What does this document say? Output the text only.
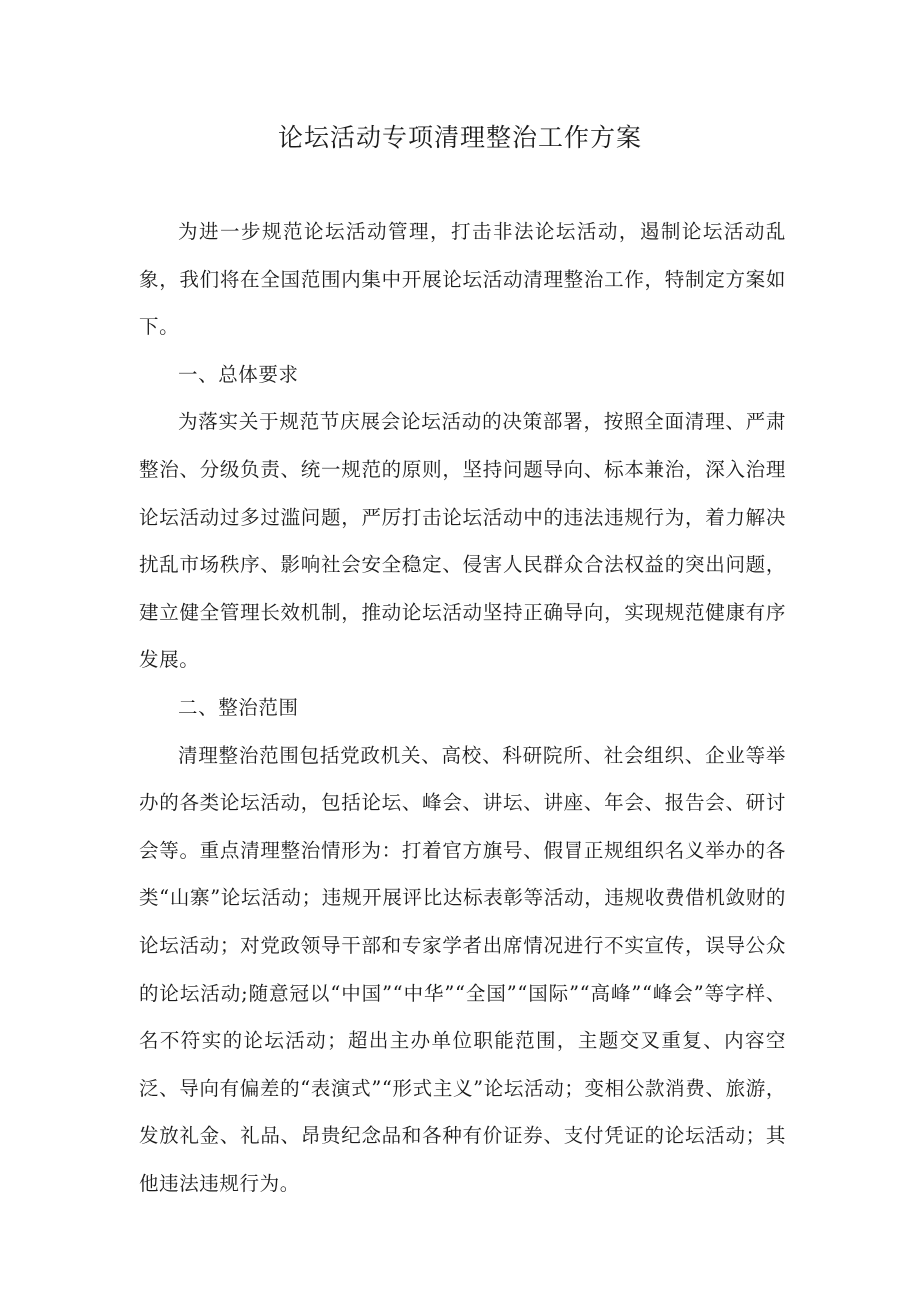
论坛活动专项清理整治工作方案

为进一步规范论坛活动管理，打击非法论坛活动，遏制论坛活动乱象，我们将在全国范围内集中开展论坛活动清理整治工作，特制定方案如下。

一、总体要求

为落实关于规范节庆展会论坛活动的决策部署，按照全面清理、严肃整治、分级负责、统一规范的原则，坚持问题导向、标本兼治，深入治理论坛活动过多过滥问题，严厉打击论坛活动中的违法违规行为，着力解决扰乱市场秩序、影响社会安全稳定、侵害人民群众合法权益的突出问题，建立健全管理长效机制，推动论坛活动坚持正确导向，实现规范健康有序发展。

二、整治范围

清理整治范围包括党政机关、高校、科研院所、社会组织、企业等举办的各类论坛活动，包括论坛、峰会、讲坛、讲座、年会、报告会、研讨会等。重点清理整治情形为：打着官方旗号、假冒正规组织名义举办的各类“山寨”论坛活动；违规开展评比达标表彰等活动，违规收费借机敛财的论坛活动；对党政领导干部和专家学者出席情况进行不实宣传，误导公众的论坛活动;随意冠以“中国”“中华”“全国”“国际”“高峰”“峰会”等字样、名不符实的论坛活动；超出主办单位职能范围，主题交叉重复、内容空泛、导向有偏差的“表演式”“形式主义”论坛活动；变相公款消费、旅游，发放礼金、礼品、昂贵纪念品和各种有价证券、支付凭证的论坛活动；其他违法违规行为。
